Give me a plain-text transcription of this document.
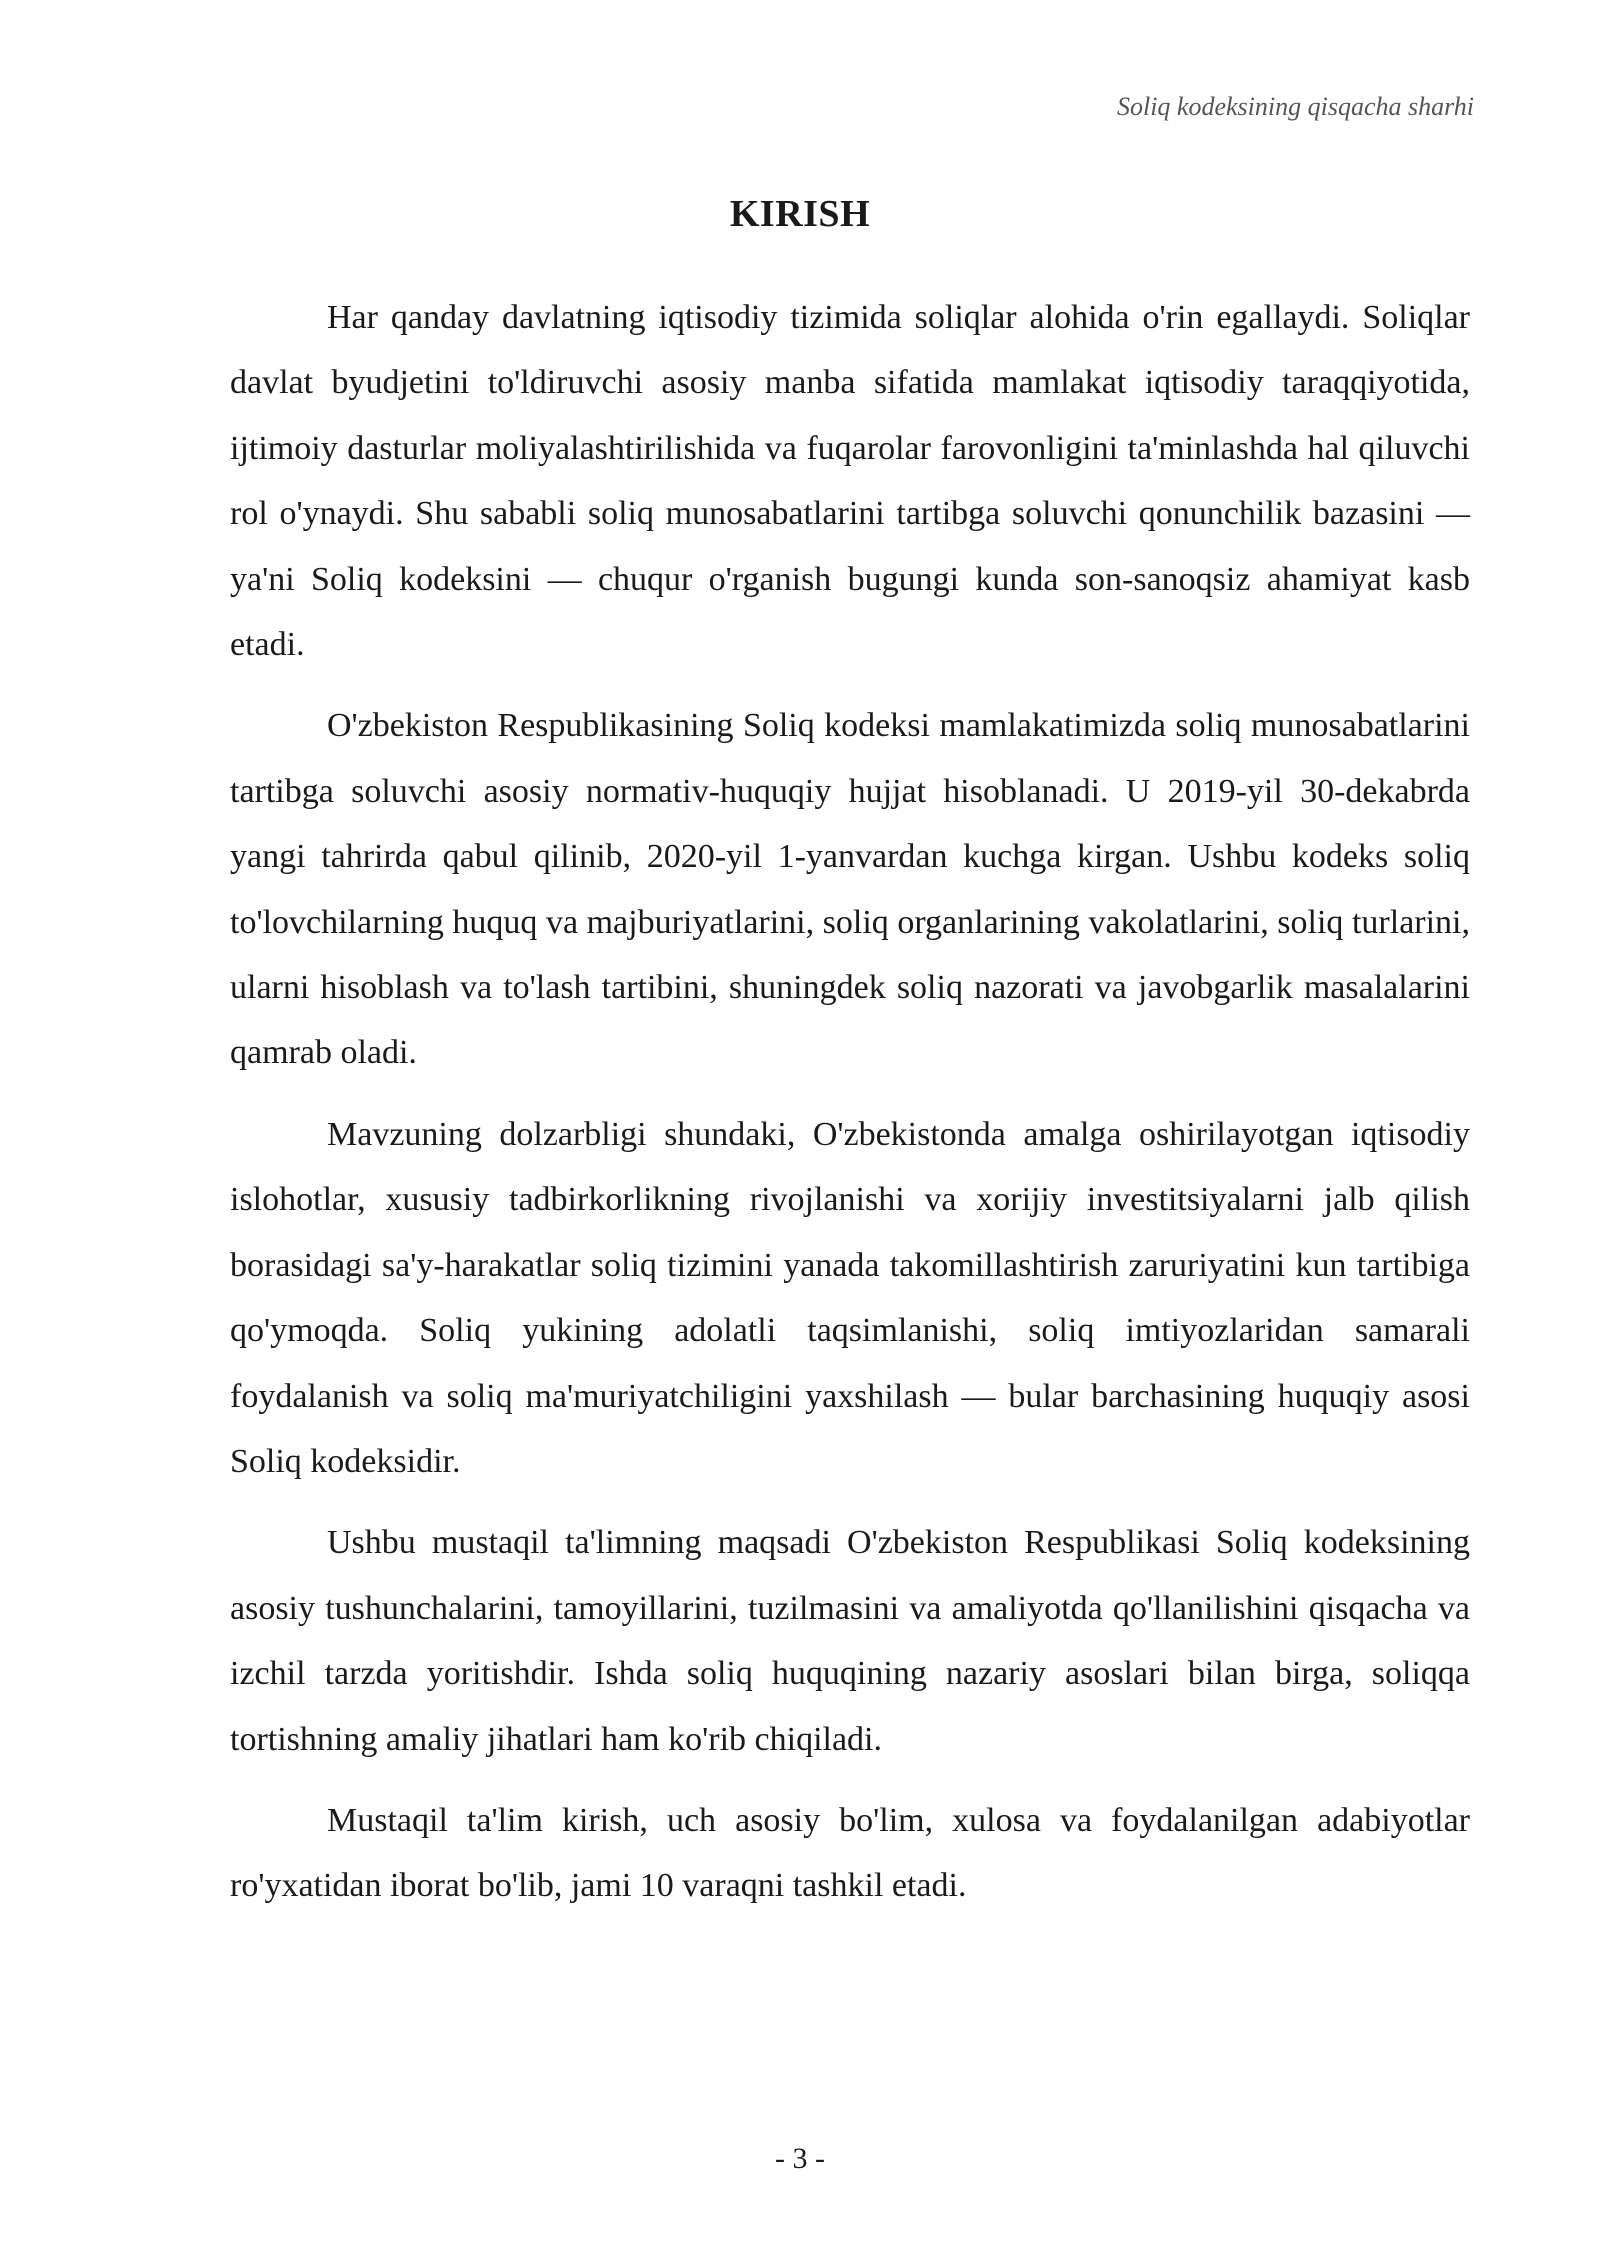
Soliq kodeksining qisqacha sharhi
KIRISH

Har qanday davlatning iqtisodiy tizimida soliqlar alohida o'rin egallaydi. Soliqlar davlat byudjetini to'ldiruvchi asosiy manba sifatida mamlakat iqtisodiy taraqqiyotida, ijtimoiy dasturlar moliyalashtirilishida va fuqarolar farovonligini ta'minlashda hal qiluvchi rol o'ynaydi. Shu sababli soliq munosabatlarini tartibga soluvchi qonunchilik bazasini — ya'ni Soliq kodeksini — chuqur o'rganish bugungi kunda son-sanoqsiz ahamiyat kasb etadi.

O'zbekiston Respublikasining Soliq kodeksi mamlakatimizda soliq munosabatlarini tartibga soluvchi asosiy normativ-huquqiy hujjat hisoblanadi. U 2019-yil 30-dekabrda yangi tahrirda qabul qilinib, 2020-yil 1-yanvardan kuchga kirgan. Ushbu kodeks soliq to'lovchilarning huquq va majburiyatlarini, soliq organlarining vakolatlarini, soliq turlarini, ularni hisoblash va to'lash tartibini, shuningdek soliq nazorati va javobgarlik masalalarini qamrab oladi.

Mavzuning dolzarbligi shundaki, O'zbekistonda amalga oshirilayotgan iqtisodiy islohotlar, xususiy tadbirkorlikning rivojlanishi va xorijiy investitsiyalarni jalb qilish borasidagi sa'y-harakatlar soliq tizimini yanada takomillashtirish zaruriyatini kun tartibiga qo'ymoqda. Soliq yukining adolatli taqsimlanishi, soliq imtiyozlaridan samarali foydalanish va soliq ma'muriyatchiligini yaxshilash — bular barchasining huquqiy asosi Soliq kodeksidir.

Ushbu mustaqil ta'limning maqsadi O'zbekiston Respublikasi Soliq kodeksining asosiy tushunchalarini, tamoyillarini, tuzilmasini va amaliyotda qo'llanilishini qisqacha va izchil tarzda yoritishdir. Ishda soliq huquqining nazariy asoslari bilan birga, soliqqa tortishning amaliy jihatlari ham ko'rib chiqiladi.

Mustaqil ta'lim kirish, uch asosiy bo'lim, xulosa va foydalanilgan adabiyotlar ro'yxatidan iborat bo'lib, jami 10 varaqni tashkil etadi.

- 3 -
